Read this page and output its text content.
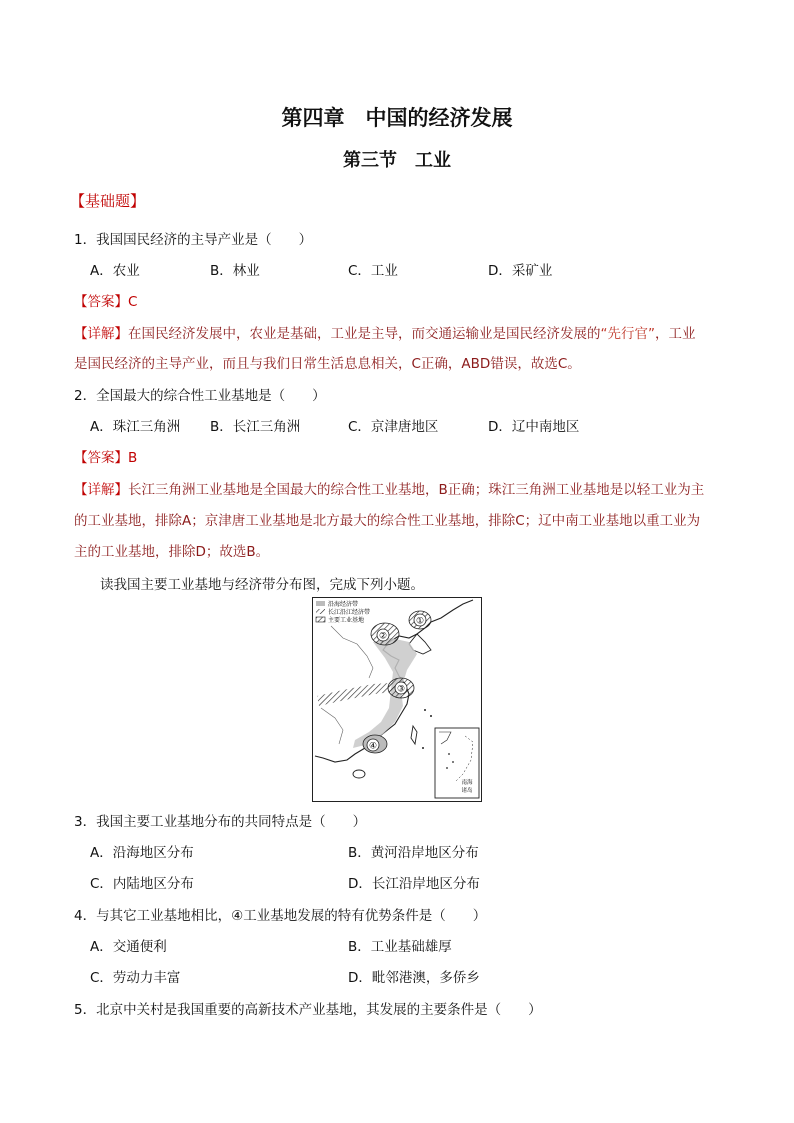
第四章　中国的经济发展
第三节　工业
【基础题】
1．我国国民经济的主导产业是（　　）
A．农业	B．林业	C．工业	D．采矿业
【答案】C
【详解】在国民经济发展中，农业是基础，工业是主导，而交通运输业是国民经济发展的“先行官”，工业
是国民经济的主导产业，而且与我们日常生活息息相关，C正确，ABD错误，故选C。
2．全国最大的综合性工业基地是（　　）
A．珠江三角洲 B．长江三角洲	C．京津唐地区	D．辽中南地区
【答案】B
【详解】长江三角洲工业基地是全国最大的综合性工业基地，B正确；珠江三角洲工业基地是以轻工业为主
的工业基地，排除A；京津唐工业基地是北方最大的综合性工业基地，排除C；辽中南工业基地以重工业为
主的工业基地，排除D；故选B。
读我国主要工业基地与经济带分布图，完成下列小题。
沿海经济带
长江沿江经济带
主要工业基地	①
②
③
④
南海
诸岛
3．我国主要工业基地分布的共同特点是（　　）
A．沿海地区分布	B．黄河沿岸地区分布
C．内陆地区分布	D．长江沿岸地区分布
4．与其它工业基地相比，④工业基地发展的特有优势条件是（　　）
A．交通便利	B．工业基础雄厚
C．劳动力丰富	D．毗邻港澳，多侨乡
5．北京中关村是我国重要的高新技术产业基地，其发展的主要条件是（　　）
